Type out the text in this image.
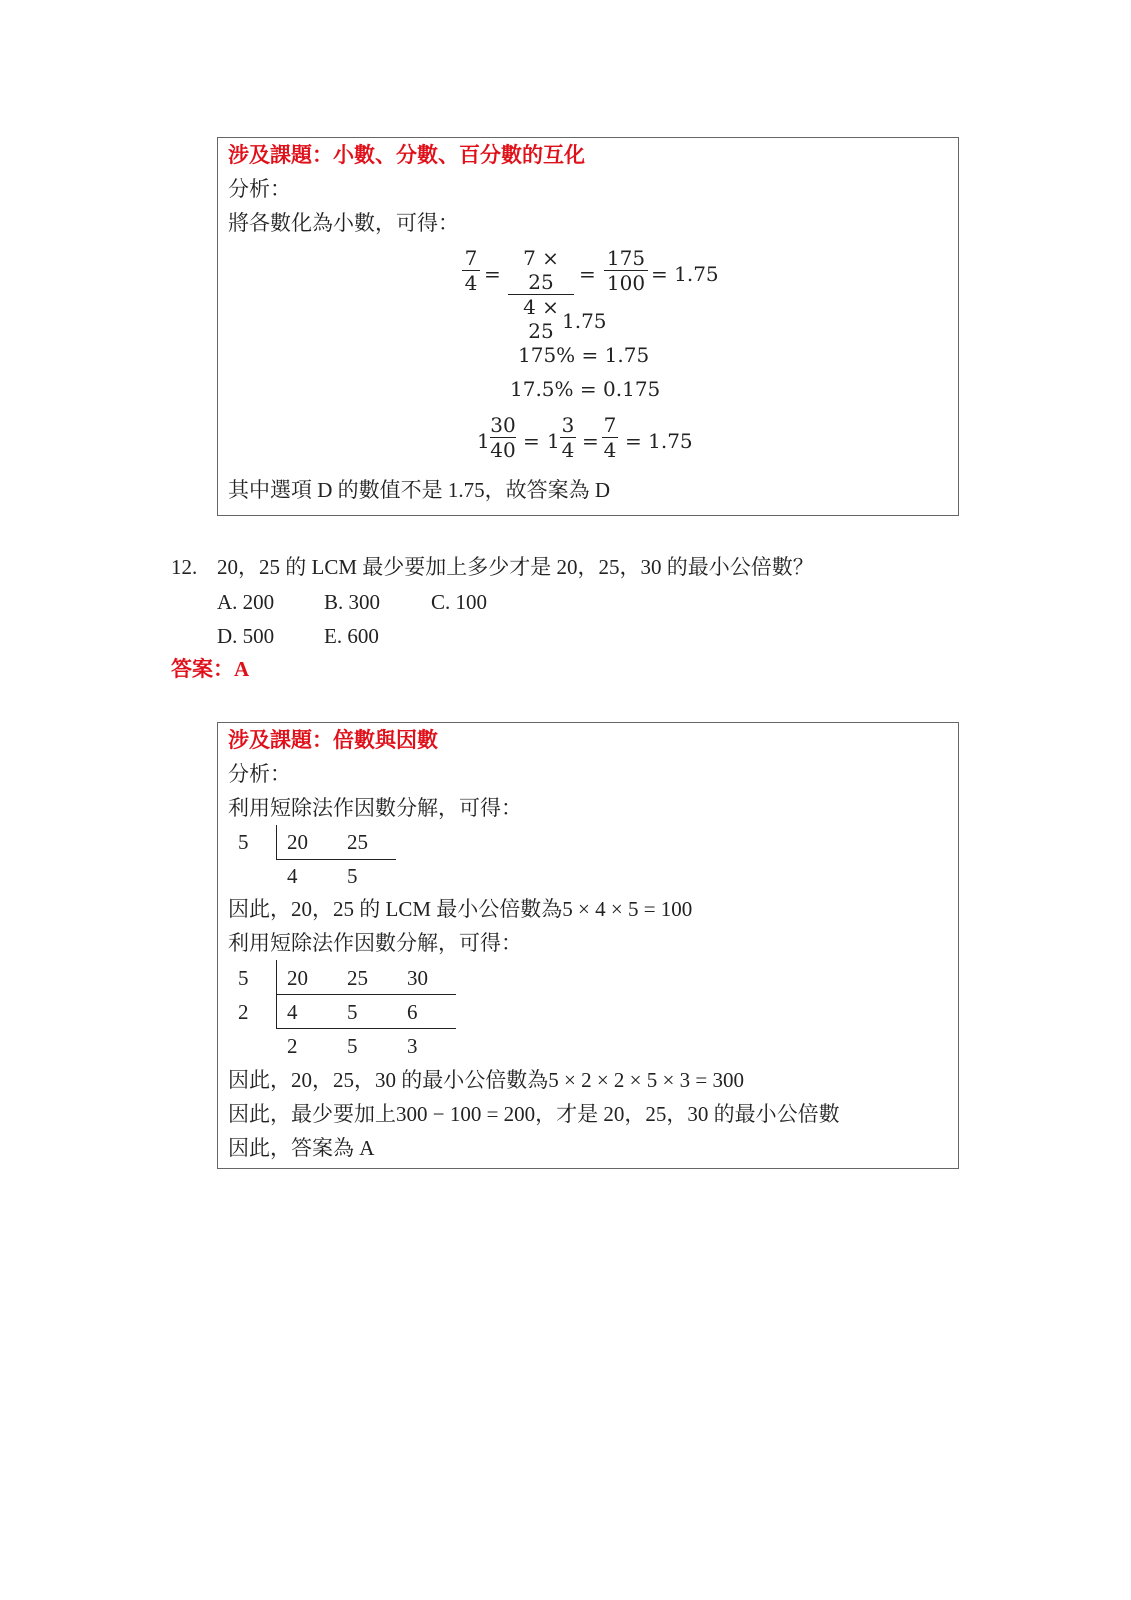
涉及課題：小數、分數、百分數的互化
分析：
將各數化為小數，可得：
7
4 =
7 × 25
4 × 25
=
175
100 = 1.75
1.75
175% = 1.75
17.5% = 0.175
1
30
40 = 1
3
4 =
7
4 = 1.75
其中選項 D 的數值不是 1.75，故答案為 D
12. 20，25 的 LCM 最少要加上多少才是 20，25，30 的最小公倍數？
A. 200 B. 300 C. 100
D. 500 E. 600
答案：A
涉及課題：倍數與因數
分析：
利用短除法作因數分解，可得：
5 20 25
4 5
因此，20，25 的 LCM 最小公倍數為5 × 4 × 5 = 100
利用短除法作因數分解，可得：
5
2
20 25 30
4 5 6
2 5 3
因此，20，25，30 的最小公倍數為5 × 2 × 2 × 5 × 3 = 300
因此，最少要加上300 − 100 = 200，才是 20，25，30 的最小公倍數
因此，答案為 A
